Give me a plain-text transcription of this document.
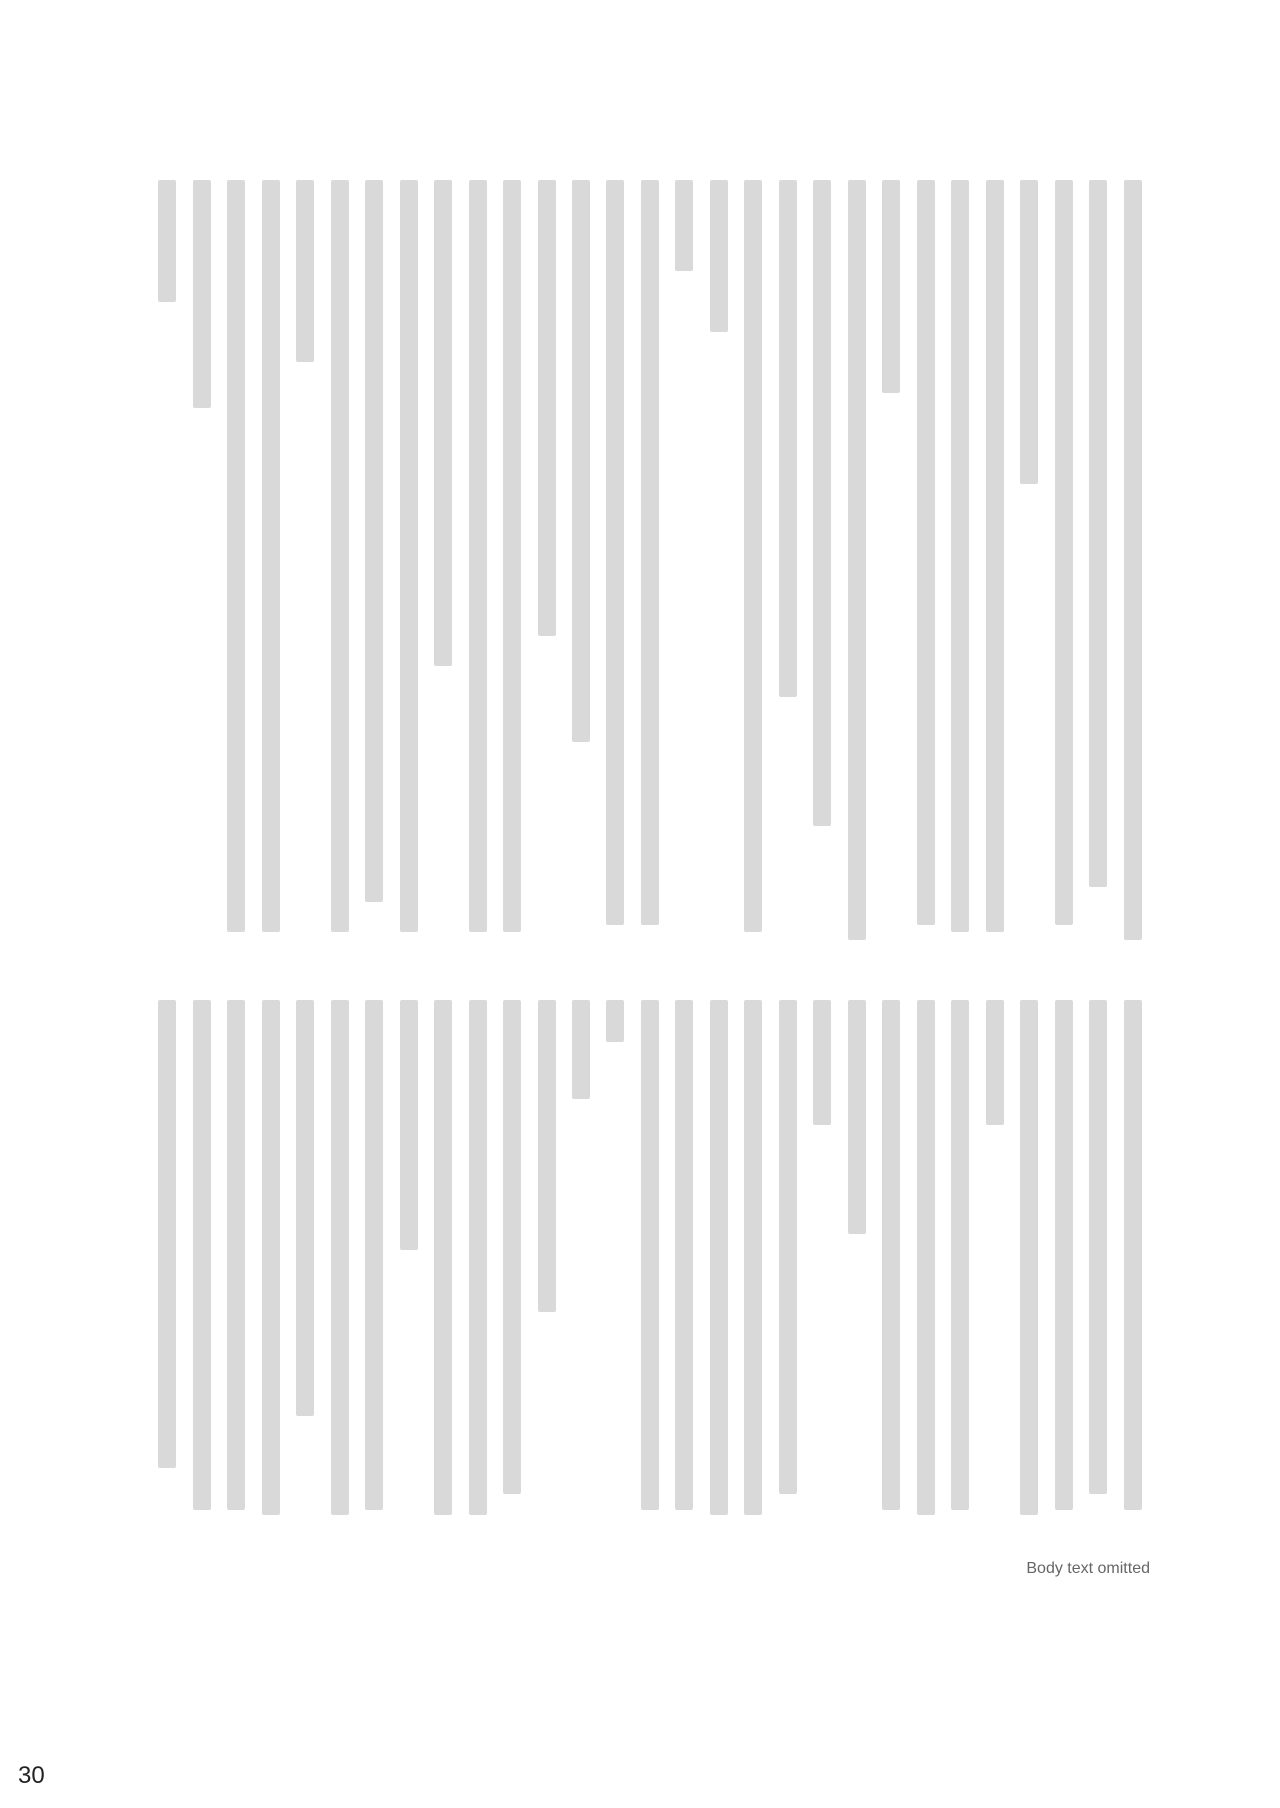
Body text omitted
30
